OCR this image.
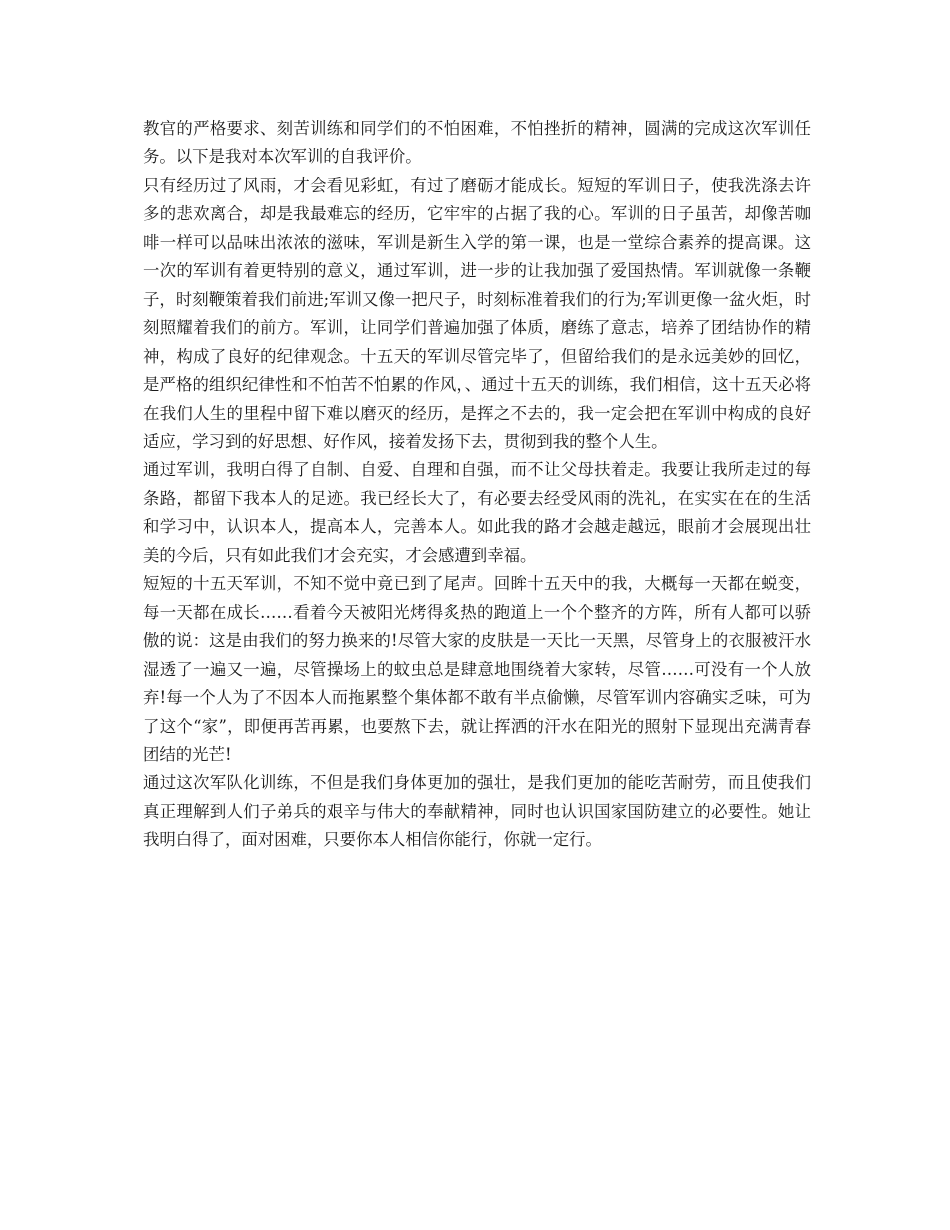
教官的严格要求、刻苦训练和同学们的不怕困难，不怕挫折的精神，圆满的完成这次军训任务。以下是我对本次军训的自我评价。

只有经历过了风雨，才会看见彩虹，有过了磨砺才能成长。短短的军训日子，使我洗涤去许多的悲欢离合，却是我最难忘的经历，它牢牢的占据了我的心。军训的日子虽苦，却像苦咖啡一样可以品味出浓浓的滋味，军训是新生入学的第一课，也是一堂综合素养的提高课。这一次的军训有着更特别的意义，通过军训，进一步的让我加强了爱国热情。军训就像一条鞭子，时刻鞭策着我们前进;军训又像一把尺子，时刻标准着我们的行为;军训更像一盆火炬，时刻照耀着我们的前方。军训，让同学们普遍加强了体质，磨练了意志，培养了团结协作的精神，构成了良好的纪律观念。十五天的军训尽管完毕了，但留给我们的是永远美妙的回忆，是严格的组织纪律性和不怕苦不怕累的作风，、通过十五天的训练，我们相信，这十五天必将在我们人生的里程中留下难以磨灭的经历，是挥之不去的，我一定会把在军训中构成的良好适应，学习到的好思想、好作风，接着发扬下去，贯彻到我的整个人生。

通过军训，我明白得了自制、自爱、自理和自强，而不让父母扶着走。我要让我所走过的每条路，都留下我本人的足迹。我已经长大了，有必要去经受风雨的洗礼，在实实在在的生活和学习中，认识本人，提高本人，完善本人。如此我的路才会越走越远，眼前才会展现出壮美的今后，只有如此我们才会充实，才会感遭到幸福。

短短的十五天军训，不知不觉中竟已到了尾声。回眸十五天中的我，大概每一天都在蜕变，每一天都在成长……看着今天被阳光烤得炙热的跑道上一个个整齐的方阵，所有人都可以骄傲的说：这是由我们的努力换来的!尽管大家的皮肤是一天比一天黑，尽管身上的衣服被汗水湿透了一遍又一遍，尽管操场上的蚊虫总是肆意地围绕着大家转，尽管……可没有一个人放弃!每一个人为了不因本人而拖累整个集体都不敢有半点偷懒，尽管军训内容确实乏味，可为了这个“家”，即便再苦再累，也要熬下去，就让挥洒的汗水在阳光的照射下显现出充满青春团结的光芒!

通过这次军队化训练，不但是我们身体更加的强壮，是我们更加的能吃苦耐劳，而且使我们真正理解到人们子弟兵的艰辛与伟大的奉献精神，同时也认识国家国防建立的必要性。她让我明白得了，面对困难，只要你本人相信你能行，你就一定行。
